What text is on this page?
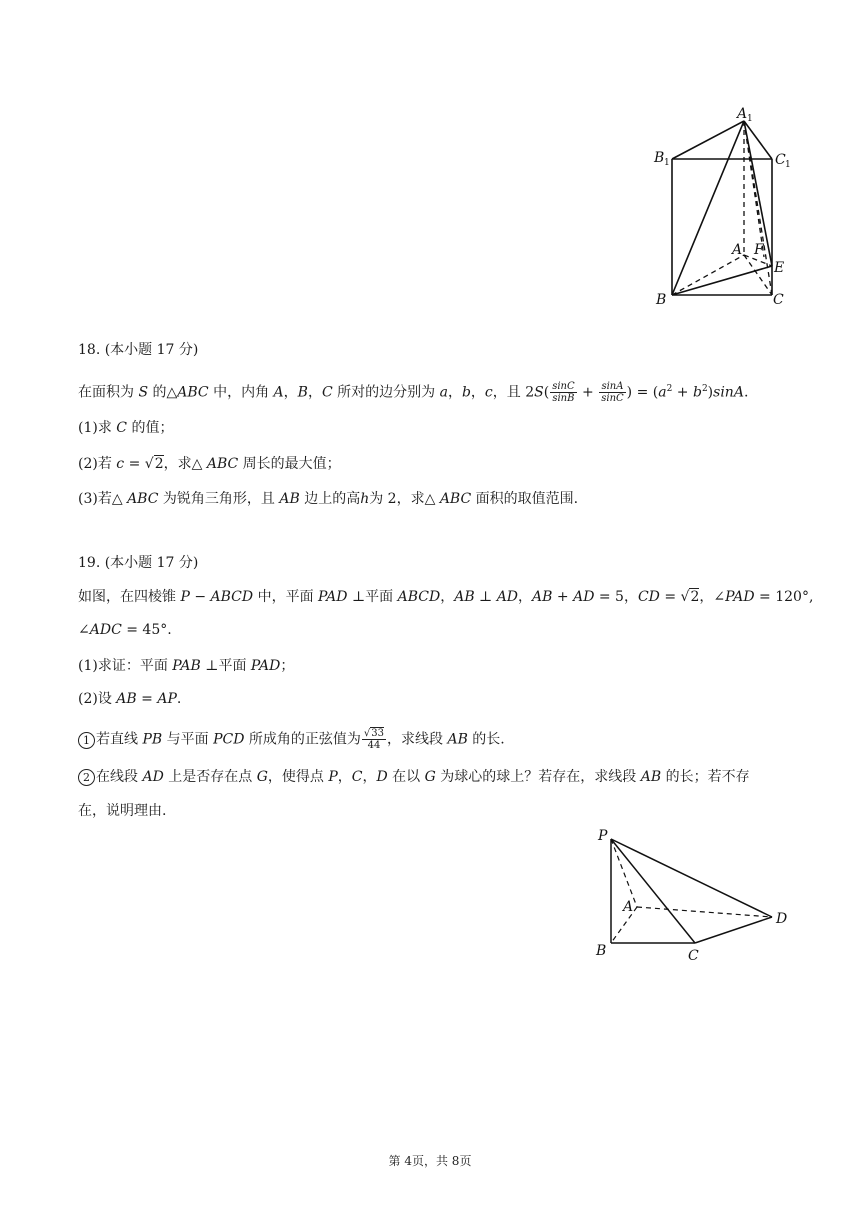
A 1
B 1	C 1
A F
E
B	C
18. (本小题 17 分)
在面积为 S 的△ABC 中，内角 A，B，C 所对的边分别为 a，b，c，且 $2S( \frac{\sin C}{\sin B} + \frac{\sin A}{\sin C}$ ) = $(a^2 + b^2)\sin A$.
(1)求 C 的值；
(2)若 c = √2，求△ ABC 周长的最大值；
(3)若△ ABC 为锐角三角形，且 AB 边上的高h为 2，求△ ABC 面积的取值范围.
19. (本小题 17 分)
如图，在四棱锥 P − ABCD 中，平面 PAD ⊥平面 ABCD，AB ⊥ AD，AB + AD = 5，CD = √2，∠PAD = 120°,
∠ADC = 45°.
(1)求证：平面 PAB ⊥平面 PAD；
(2)设 AB = AP.
1 若直线 PB 与平面 PCD 所成角的正弦值为 $\frac{√33}{44}$ ，求线段 AB 的长.
2 在线段 AD 上是否存在点 G，使得点 P，C，D 在以 G 为球心的球上？若存在，求线段 AB 的长；若不存
在，说明理由.
P
A
D
B	C
第 4页，共 8页
